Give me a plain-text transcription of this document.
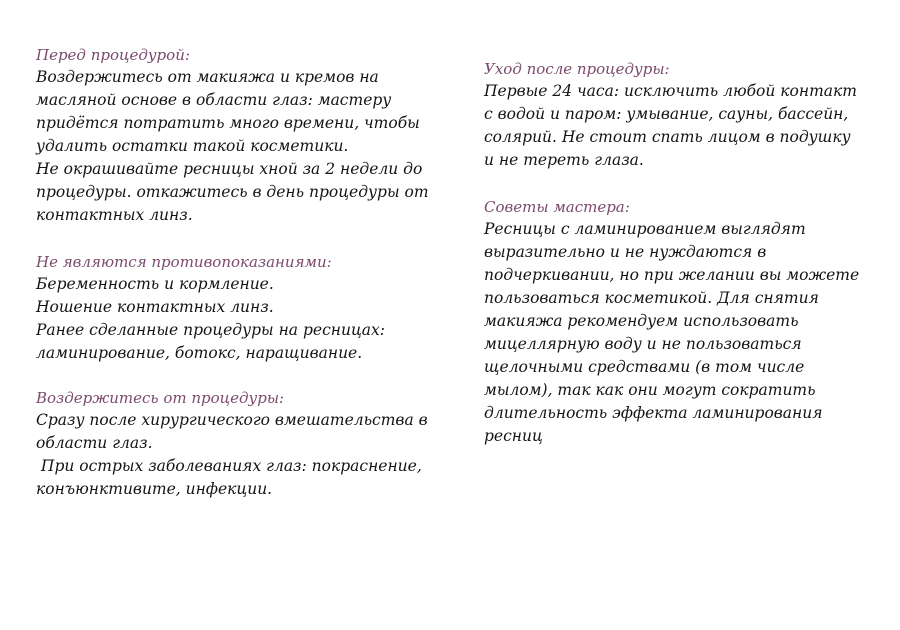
Перед процедурой:

Воздержитесь от макияжа и кремов на

масляной основе в области глаз: мастеру

придётся потратить много времени, чтобы

удалить остатки такой косметики.

Не окрашивайте ресницы хной за 2 недели до

процедуры. откажитесь в день процедуры от

контактных линз.

Не являются противопоказаниями:

Беременность и кормление.

Ношение контактных линз.

Ранее сделанные процедуры на ресницах:

ламинирование, ботокс, наращивание.

Воздержитесь от процедуры:

Сразу после хирургического вмешательства в

области глаз.

При острых заболеваниях глаз: покраснение,

конъюнктивите, инфекции.

Уход после процедуры:

Первые 24 часа: исключить любой контакт

с водой и паром: умывание, сауны, бассейн,

солярий. Не стоит спать лицом в подушку

и не тереть глаза.

Советы мастера:

Ресницы с ламинированием выглядят

выразительно и не нуждаются в

подчеркивании, но при желании вы можете

пользоваться косметикой. Для снятия

макияжа рекомендуем использовать

мицеллярную воду и не пользоваться

щелочными средствами (в том числе

мылом), так как они могут сократить

длительность эффекта ламинирования

ресниц
